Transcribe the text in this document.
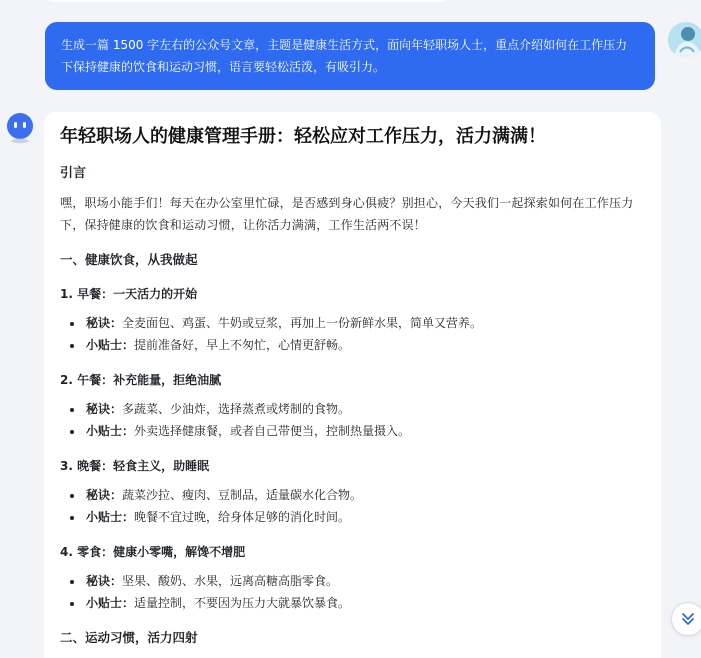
生成一篇 1500 字左右的公众号文章，主题是健康生活方式，面向年轻职场人士，重点介绍如何在工作压力下保持健康的饮食和运动习惯，语言要轻松活泼，有吸引力。
年轻职场人的健康管理手册：轻松应对工作压力，活力满满！
引言
嘿，职场小能手们！每天在办公室里忙碌，是否感到身心俱疲？别担心，今天我们一起探索如何在工作压力下，保持健康的饮食和运动习惯，让你活力满满，工作生活两不误！
一、健康饮食，从我做起
1. 早餐：一天活力的开始
• 秘诀：全麦面包、鸡蛋、牛奶或豆浆，再加上一份新鲜水果，简单又营养。
• 小贴士：提前准备好，早上不匆忙，心情更舒畅。
2. 午餐：补充能量，拒绝油腻
• 秘诀：多蔬菜、少油炸，选择蒸煮或烤制的食物。
• 小贴士：外卖选择健康餐，或者自己带便当，控制热量摄入。
3. 晚餐：轻食主义，助睡眠
• 秘诀：蔬菜沙拉、瘦肉、豆制品，适量碳水化合物。
• 小贴士：晚餐不宜过晚，给身体足够的消化时间。
4. 零食：健康小零嘴，解馋不增肥
• 秘诀：坚果、酸奶、水果，远离高糖高脂零食。
• 小贴士：适量控制，不要因为压力大就暴饮暴食。
二、运动习惯，活力四射
